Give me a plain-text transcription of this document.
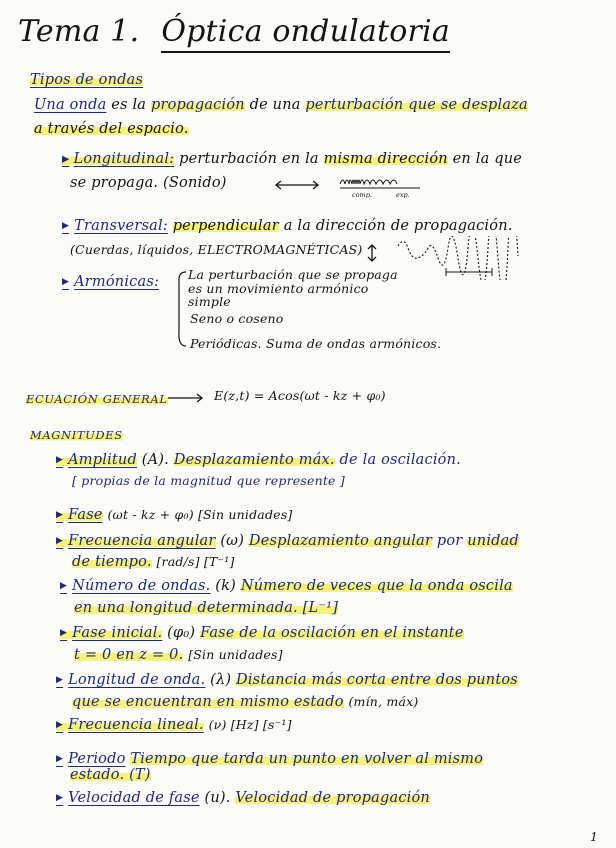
Tema 1. Óptica ondulatoria
Tipos de ondas
Una onda es la propagación de una perturbación que se desplaza
a través del espacio.
▸ Longitudinal: perturbación en la misma dirección en la que
se propaga. (Sonido)
comp.	exp.
▶ Transversal: perpendicular a la dirección de propagación.
(Cuerdas, líquidos, ELECTROMAGNÉTICAS)
▶ Armónicas: La perturbación que se propaga
es un movimiento armónico
simple
Seno o coseno
Periódicas. Suma de ondas armónicos.
ECUACIÓN GENERAL	E(z,t) = Acos(ωt - kz + φ₀)
MAGNITUDES
▶ Amplitud (A). Desplazamiento máx. de la oscilación.
[ propias de la magnitud que represente ]
▶ Fase (ωt - kz + φ₀) [Sin unidades]
▶ Frecuencia angular (ω) Desplazamiento angular por unidad
de tiempo. [rad/s] [T⁻¹]
▶ Número de ondas. (k) Número de veces que la onda oscila
en una longitud determinada. [L⁻¹]
▶ Fase inicial. (φ₀) Fase de la oscilación en el instante
t = 0 en z = 0. [Sin unidades]
▶ Longitud de onda. (λ) Distancia más corta entre dos puntos
que se encuentran en mismo estado (mín, máx)
▶ Frecuencia lineal. (ν) [Hz] [s⁻¹]
▶ Periodo Tiempo que tarda un punto en volver al mismo
estado. (T)
▶ Velocidad de fase (u). Velocidad de propagación
1
